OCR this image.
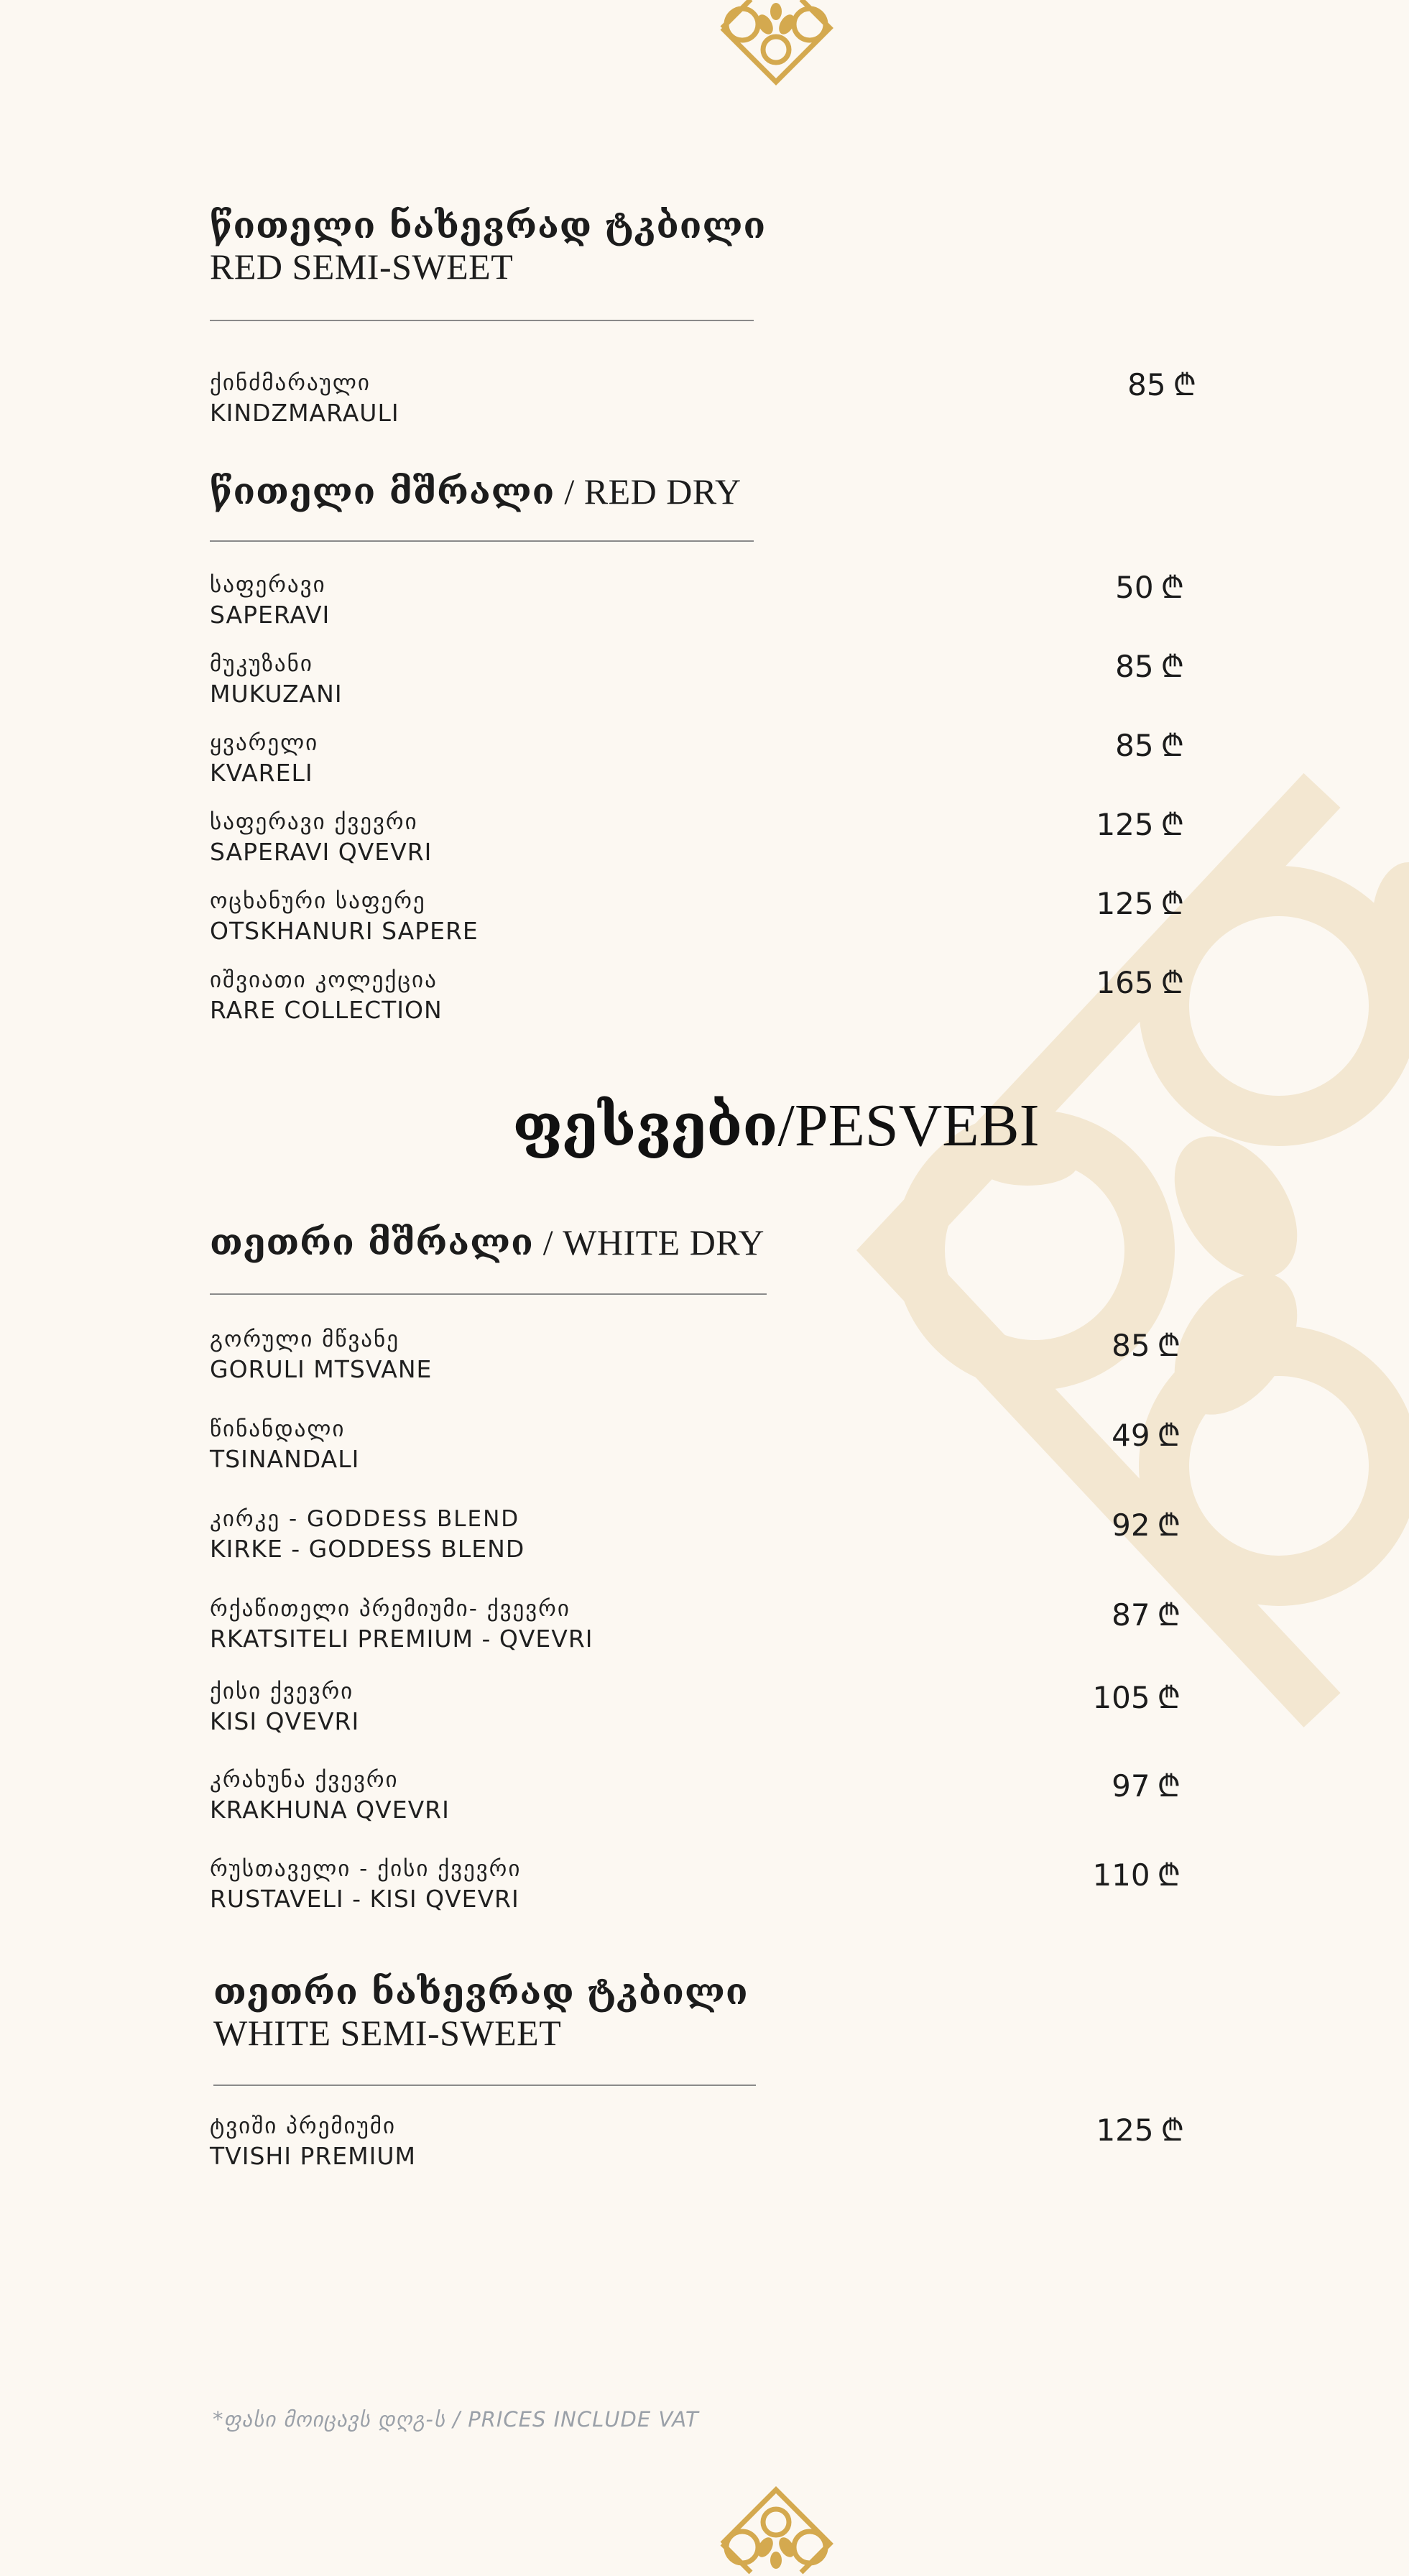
წითელი ნახევრად ტკბილი
RED SEMI-SWEET
ქინძმარაული
KINDZMARAULI
85 ₾
წითელი მშრალი / RED DRY
საფერავი
SAPERAVI
50 ₾
მუკუზანი
MUKUZANI
85 ₾
ყვარელი
KVARELI
85 ₾
საფერავი ქვევრი
SAPERAVI QVEVRI
125 ₾
ოცხანური საფერე
OTSKHANURI SAPERE
125 ₾
იშვიათი კოლექცია
RARE COLLECTION
165 ₾
ფესვები/PESVEBI
თეთრი მშრალი / WHITE DRY
გორული მწვანე
GORULI MTSVANE
85 ₾
წინანდალი
TSINANDALI
49 ₾
კირკე - GODDESS BLEND
KIRKE - GODDESS BLEND
92 ₾
რქაწითელი პრემიუმი- ქვევრი
RKATSITELI PREMIUM - QVEVRI
87 ₾
ქისი ქვევრი
KISI QVEVRI
105 ₾
კრახუნა ქვევრი
KRAKHUNA QVEVRI
97 ₾
რუსთაველი - ქისი ქვევრი
RUSTAVELI - KISI QVEVRI
110 ₾
თეთრი ნახევრად ტკბილი
WHITE SEMI-SWEET
ტვიში პრემიუმი
TVISHI PREMIUM
125 ₾
*ფასი მოიცავს დღგ-ს / PRICES INCLUDE VAT
